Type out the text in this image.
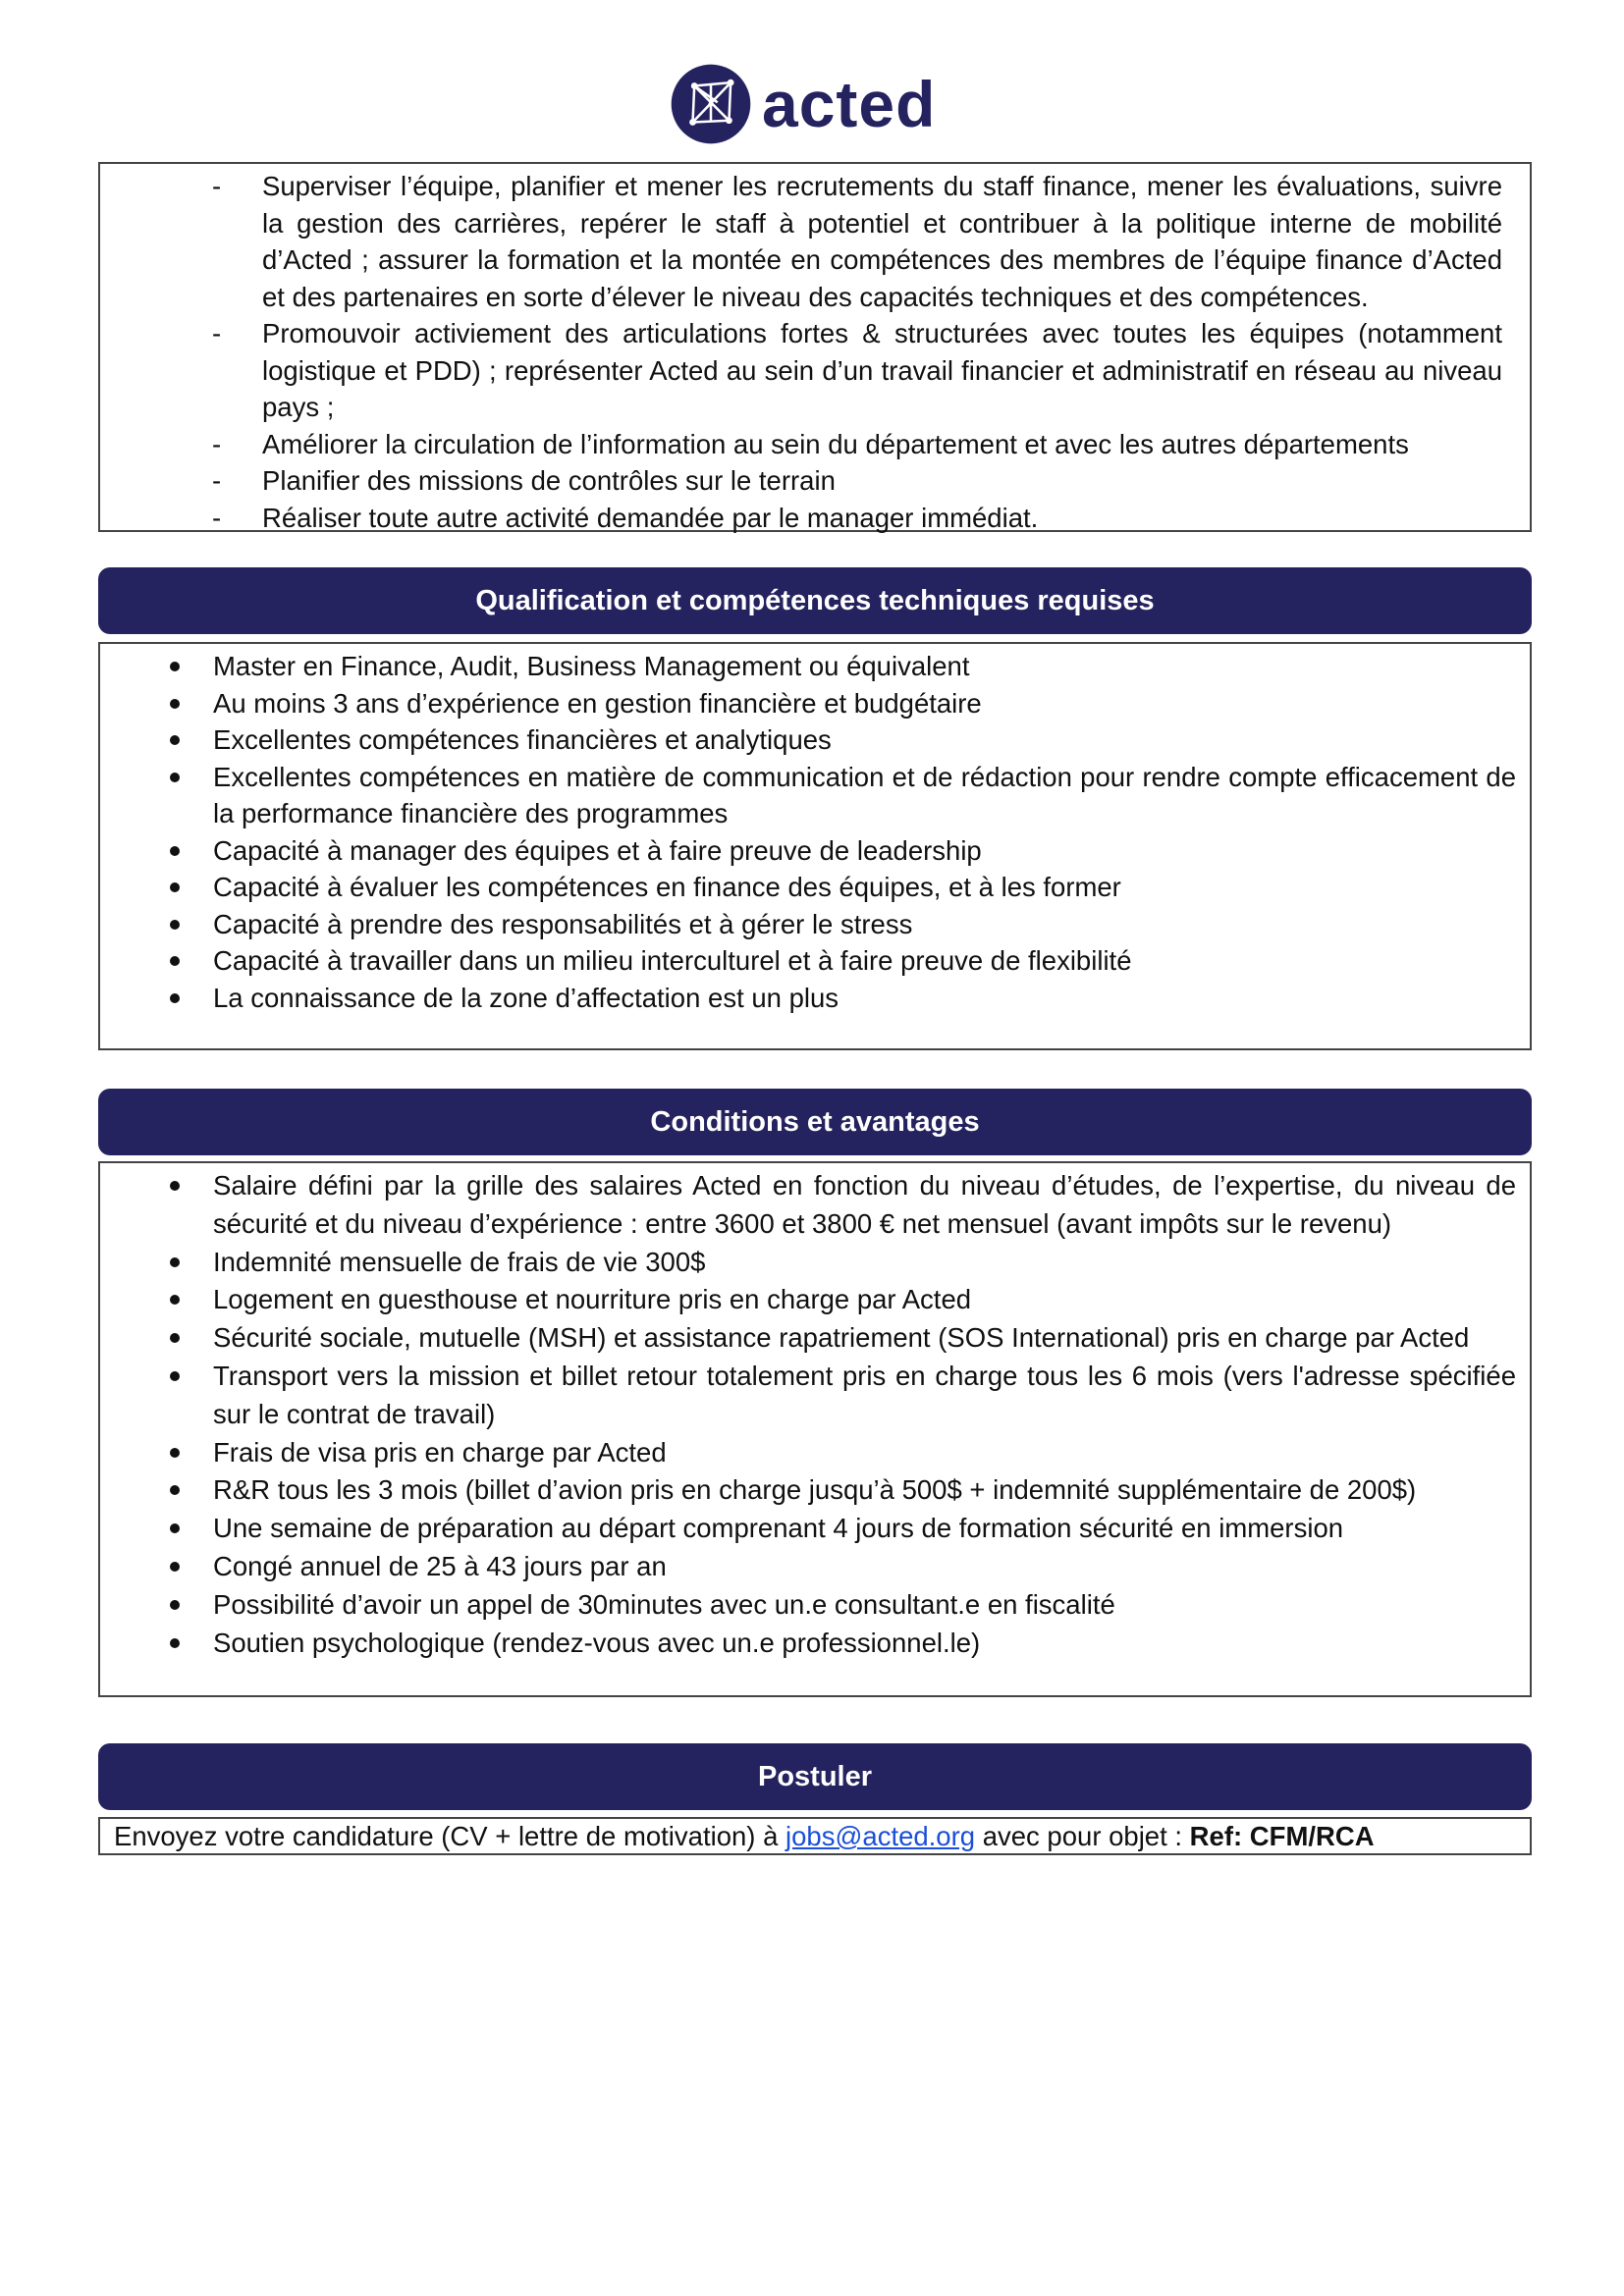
acted
- Superviser l’équipe, planifier et mener les recrutements du staff finance, mener les évaluations, suivre la gestion des carrières, repérer le staff à potentiel et contribuer à la politique interne de mobilité d’Acted ; assurer la formation et la montée en compétences des membres de l’équipe finance d’Acted et des partenaires en sorte d’élever le niveau des capacités techniques et des compétences.
- Promouvoir activiement des articulations fortes & structurées avec toutes les équipes (notamment logistique et PDD) ; représenter Acted au sein d’un travail financier et administratif en réseau au niveau pays ;
- Améliorer la circulation de l’information au sein du département et avec les autres départements
- Planifier des missions de contrôles sur le terrain
- Réaliser toute autre activité demandée par le manager immédiat.
Qualification et compétences techniques requises
Master en Finance, Audit, Business Management ou équivalent
Au moins 3 ans d’expérience en gestion financière et budgétaire
Excellentes compétences financières et analytiques
Excellentes compétences en matière de communication et de rédaction pour rendre compte efficacement de la performance financière des programmes
Capacité à manager des équipes et à faire preuve de leadership
Capacité à évaluer les compétences en finance des équipes, et à les former
Capacité à prendre des responsabilités et à gérer le stress
Capacité à travailler dans un milieu interculturel et à faire preuve de flexibilité
La connaissance de la zone d’affectation est un plus
Conditions et avantages
Salaire défini par la grille des salaires Acted en fonction du niveau d’études, de l’expertise, du niveau de sécurité et du niveau d’expérience : entre 3600 et 3800 € net mensuel (avant impôts sur le revenu)
Indemnité mensuelle de frais de vie 300$
Logement en guesthouse et nourriture pris en charge par Acted
Sécurité sociale, mutuelle (MSH) et assistance rapatriement (SOS International) pris en charge par Acted
Transport vers la mission et billet retour totalement pris en charge tous les 6 mois (vers l'adresse spécifiée sur le contrat de travail)
Frais de visa pris en charge par Acted
R&R tous les 3 mois (billet d’avion pris en charge jusqu’à 500$ + indemnité supplémentaire de 200$)
Une semaine de préparation au départ comprenant 4 jours de formation sécurité en immersion
Congé annuel de 25 à 43 jours par an
Possibilité d’avoir un appel de 30minutes avec un.e consultant.e en fiscalité
Soutien psychologique (rendez-vous avec un.e professionnel.le)
Postuler
Envoyez votre candidature (CV + lettre de motivation) à jobs@acted.org avec pour objet : Ref: CFM/RCA
